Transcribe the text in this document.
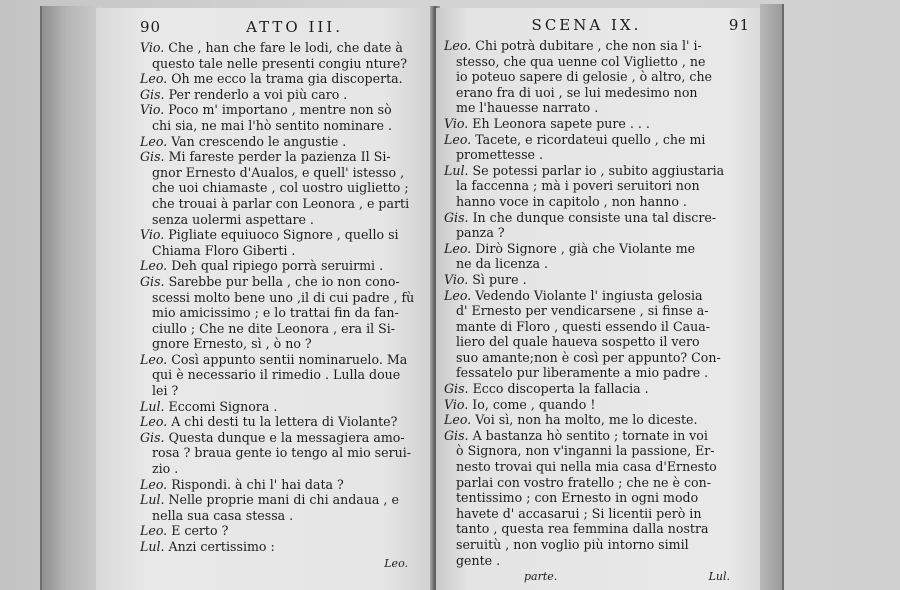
90	ATTO III.
Vio. Che , han che fare le lodi, che date à
questo tale nelle presenti congiu nture?
Leo. Oh me ecco la trama gia discoperta.
Gis. Per renderlo a voi più caro .
Vio. Poco m' importano , mentre non sò
chi sia, ne mai l'hò sentito nominare .
Leo. Van crescendo le angustie .
Gis. Mi fareste perder la pazienza Il Si-
gnor Ernesto d'Aualos, e quell' istesso ,
che uoi chiamaste , col uostro uiglietto ;
che trouai à parlar con Leonora , e parti
senza uolermi aspettare .
Vio. Pigliate equiuoco Signore , quello si
Chiama Floro Giberti .
Leo. Deh qual ripiego porrà seruirmi .
Gis. Sarebbe pur bella , che io non cono-
scessi molto bene uno ,il di cui padre , fù
mio amicissimo ; e lo trattai fin da fan-
ciullo ; Che ne dite Leonora , era il Si-
gnore Ernesto, sì , ò no ?
Leo. Così appunto sentii nominaruelo. Ma
qui è necessario il rimedio . Lulla doue
lei ?
Lul. Eccomi Signora .
Leo. A chi desti tu la lettera di Violante?
Gis. Questa dunque e la messagiera amo-
rosa ? braua gente io tengo al mio serui-
zio .
Leo. Rispondi. à chi l' hai data ?
Lul. Nelle proprie mani di chi andaua , e
nella sua casa stessa .
Leo. E certo ?
Lul. Anzi certissimo :
Leo.
SCENA IX.	91
Leo. Chi potrà dubitare , che non sia l' i-
stesso, che qua uenne col Viglietto , ne
io poteuo sapere di gelosie , ò altro, che
erano fra di uoi , se lui medesimo non
me l'hauesse narrato .
Vio. Eh Leonora sapete pure . . .
Leo. Tacete, e ricordateui quello , che mi
promettesse .
Lul. Se potessi parlar io , subito aggiustaria
la faccenna ; mà i poveri seruitori non
hanno voce in capitolo , non hanno .
Gis. In che dunque consiste una tal discre-
panza ?
Leo. Dirò Signore , già che Violante me
ne da licenza .
Vio. Sì pure .
Leo. Vedendo Violante l' ingiusta gelosia
d' Ernesto per vendicarsene , si finse a-
mante di Floro , questi essendo il Caua-
liero del quale haueva sospetto il vero
suo amante;non è così per appunto? Con-
fessatelo pur liberamente a mio padre .
Gis. Ecco discoperta la fallacia .
Vio. Io, come , quando !
Leo. Voi sì, non ha molto, me lo diceste.
Gis. A bastanza hò sentito ; tornate in voi
ò Signora, non v'inganni la passione, Er-
nesto trovai qui nella mia casa d'Ernesto
parlai con vostro fratello ; che ne è con-
tentissimo ; con Ernesto in ogni modo
havete d' accasarui ; Si licentii però in
tanto , questa rea femmina dalla nostra
seruitù , non voglio più intorno simil
gente .
parte.	Lul.
